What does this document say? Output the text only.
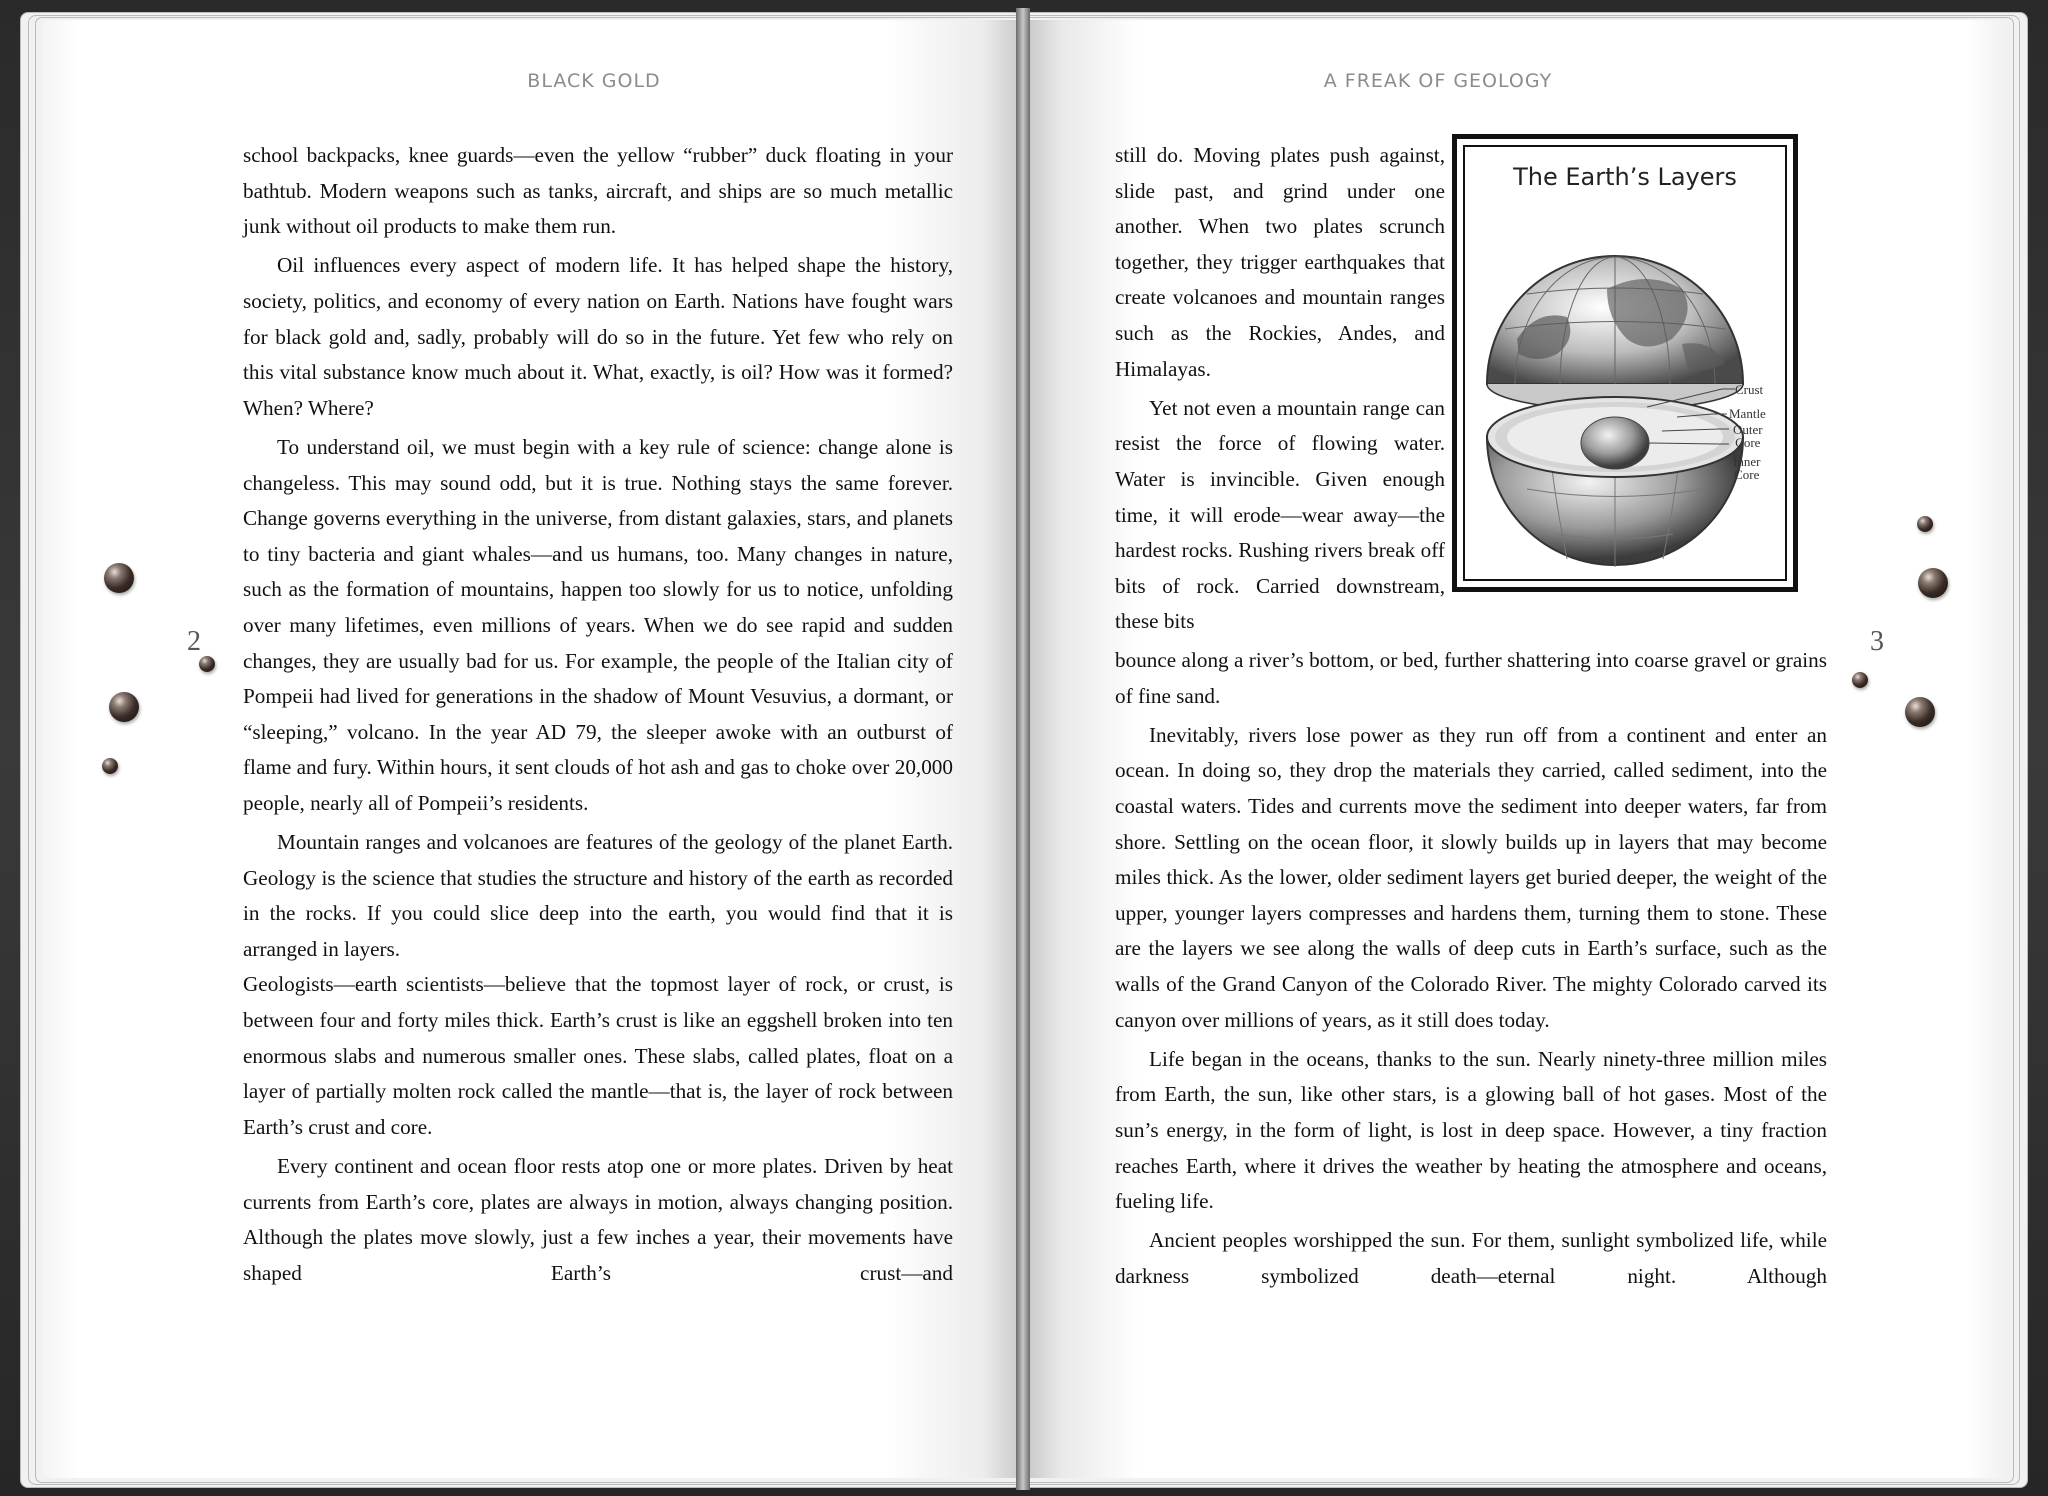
BLACK GOLD
2

school backpacks, knee guards—even the yellow “rubber” duck floating in your bathtub. Modern weapons such as tanks, aircraft, and ships are so much metallic junk without oil products to make them run.

Oil influences every aspect of modern life. It has helped shape the history, society, politics, and economy of every nation on Earth. Nations have fought wars for black gold and, sadly, probably will do so in the future. Yet few who rely on this vital substance know much about it. What, exactly, is oil? How was it formed? When? Where?

To understand oil, we must begin with a key rule of science: change alone is changeless. This may sound odd, but it is true. Nothing stays the same forever. Change governs everything in the universe, from distant galaxies, stars, and planets to tiny bacteria and giant whales—and us humans, too. Many changes in nature, such as the formation of mountains, happen too slowly for us to notice, unfolding over many lifetimes, even millions of years. When we do see rapid and sudden changes, they are usually bad for us. For example, the people of the Italian city of Pompeii had lived for generations in the shadow of Mount Vesuvius, a dormant, or “sleeping,” volcano. In the year AD 79, the sleeper awoke with an outburst of flame and fury. Within hours, it sent clouds of hot ash and gas to choke over 20,000 people, nearly all of Pompeii’s residents.

Mountain ranges and volcanoes are features of the geology of the planet Earth. Geology is the science that studies the structure and history of the earth as recorded in the rocks. If you could slice deep into the earth, you would find that it is arranged in layers.

Geologists—earth scientists—believe that the topmost layer of rock, or crust, is between four and forty miles thick. Earth’s crust is like an eggshell broken into ten enormous slabs and numerous smaller ones. These slabs, called plates, float on a layer of partially molten rock called the mantle—that is, the layer of rock between Earth’s crust and core.

Every continent and ocean floor rests atop one or more plates. Driven by heat currents from Earth’s core, plates are always in motion, always changing position. Although the plates move slowly, just a few inches a year, their movements have shaped Earth’s crust—and

A FREAK OF GEOLOGY
3

still do. Moving plates push against, slide past, and grind under one another. When two plates scrunch together, they trigger earthquakes that create volcanoes and mountain ranges such as the Rockies, Andes, and Himalayas.

Yet not even a mountain range can resist the force of flowing water. Water is invincible. Given enough time, it will erode—wear away—the hardest rocks. Rushing rivers break off bits of rock. Carried downstream, these bits

bounce along a river’s bottom, or bed, further shattering into coarse gravel or grains of fine sand.

Inevitably, rivers lose power as they run off from a continent and enter an ocean. In doing so, they drop the materials they carried, called sediment, into the coastal waters. Tides and currents move the sediment into deeper waters, far from shore. Settling on the ocean floor, it slowly builds up in layers that may become miles thick. As the lower, older sediment layers get buried deeper, the weight of the upper, younger layers compresses and hardens them, turning them to stone. These are the layers we see along the walls of deep cuts in Earth’s surface, such as the walls of the Grand Canyon of the Colorado River. The mighty Colorado carved its canyon over millions of years, as it still does today.

Life began in the oceans, thanks to the sun. Nearly ninety-three million miles from Earth, the sun, like other stars, is a glowing ball of hot gases. Most of the sun’s energy, in the form of light, is lost in deep space. However, a tiny fraction reaches Earth, where it drives the weather by heating the atmosphere and oceans, fueling life.

Ancient peoples worshipped the sun. For them, sunlight symbolized life, while darkness symbolized death—eternal night. Although

The Earth’s Layers
Crust
Mantle
Outer
Core
Inner
Core
